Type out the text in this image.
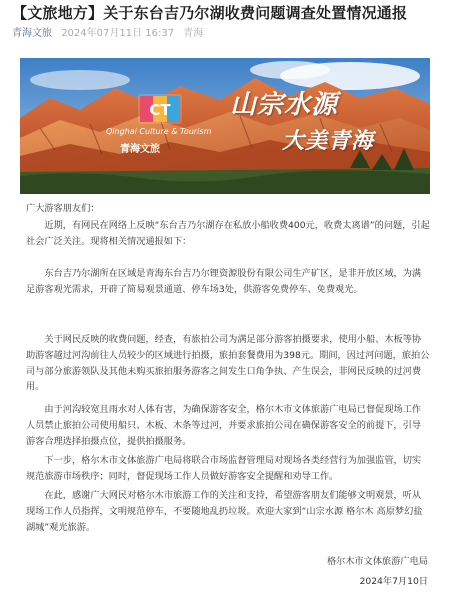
【文旅地方】关于东台吉乃尔湖收费问题调查处置情况通报
青海文旅 2024年07月11日 16:37 青海
CT
Qinghai Culture & Tourism
青海文旅
山宗水源
大美青海
广大游客朋友们：
近期，有网民在网络上反映“东台吉乃尔湖存在私放小船收费400元，收费太离谱”的问题，引起社会广泛关注。现将相关情况通报如下：
东台吉乃尔湖所在区域是青海东台吉乃尔锂资源股份有限公司生产矿区，是非开放区域，为满足游客观光需求，开辟了简易观景通道、停车场3处，供游客免费停车、免费观光。
关于网民反映的收费问题，经查，有旅拍公司为满足部分游客拍摄要求，使用小船、木板等协助游客越过河沟前往人员较少的区域进行拍摄，旅拍套餐费用为398元。期间，因过河问题，旅拍公司与部分旅游领队及其他未购买旅拍服务游客之间发生口角争执、产生误会，非网民反映的过河费用。
由于河沟较宽且雨水对人体有害，为确保游客安全，格尔木市文体旅游广电局已督促现场工作人员禁止旅拍公司使用船只、木板、木条等过河，并要求旅拍公司在确保游客安全的前提下，引导游客合理选择拍摄点位，提供拍摄服务。
下一步，格尔木市文体旅游广电局将联合市场监督管理局对现场各类经营行为加强监管，切实规范旅游市场秩序；同时，督促现场工作人员做好游客安全提醒和劝导工作。
在此，感谢广大网民对格尔木市旅游工作的关注和支持，希望游客朋友们能够文明观景，听从现场工作人员指挥，文明规范停车，不要随地乱扔垃圾。欢迎大家到“山宗水源 格尔木 高原梦幻盐湖城”观光旅游。
格尔木市文体旅游广电局
2024年7月10日
